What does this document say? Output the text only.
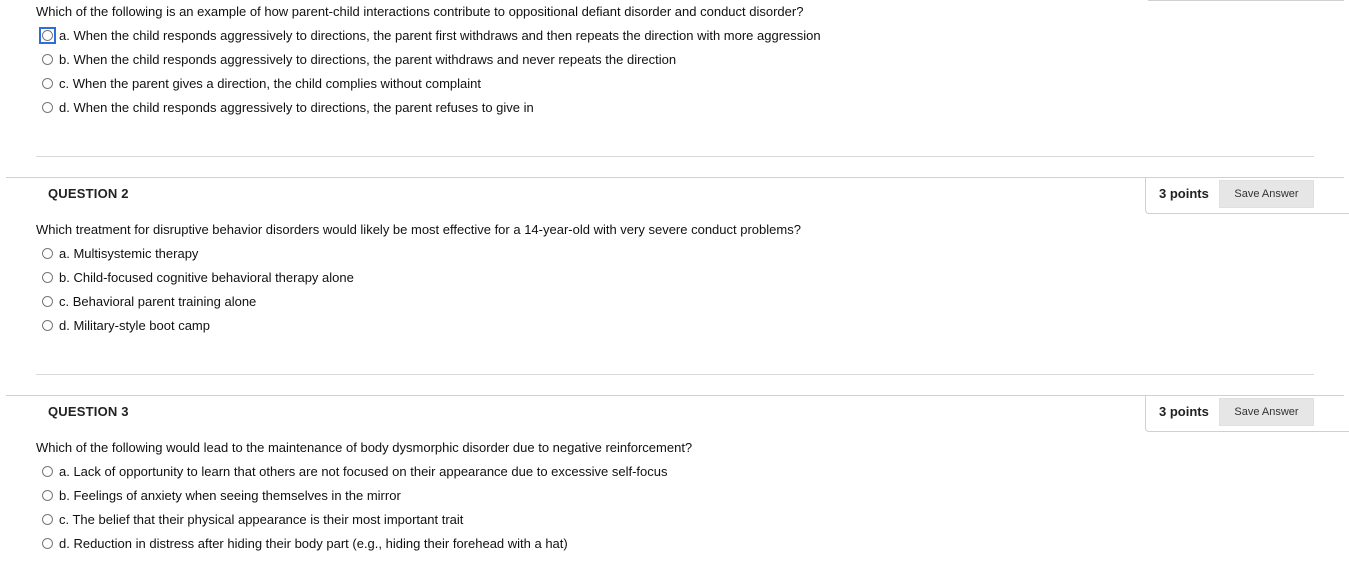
Which of the following is an example of how parent-child interactions contribute to oppositional defiant disorder and conduct disorder?
a. When the child responds aggressively to directions, the parent first withdraws and then repeats the direction with more aggression
b. When the child responds aggressively to directions, the parent withdraws and never repeats the direction
c. When the parent gives a direction, the child complies without complaint
d. When the child responds aggressively to directions, the parent refuses to give in
QUESTION 2	3 points	Save Answer
Which treatment for disruptive behavior disorders would likely be most effective for a 14-year-old with very severe conduct problems?
a. Multisystemic therapy
b. Child-focused cognitive behavioral therapy alone
c. Behavioral parent training alone
d. Military-style boot camp
QUESTION 3	3 points	Save Answer
Which of the following would lead to the maintenance of body dysmorphic disorder due to negative reinforcement?
a. Lack of opportunity to learn that others are not focused on their appearance due to excessive self-focus
b. Feelings of anxiety when seeing themselves in the mirror
c. The belief that their physical appearance is their most important trait
d. Reduction in distress after hiding their body part (e.g., hiding their forehead with a hat)
